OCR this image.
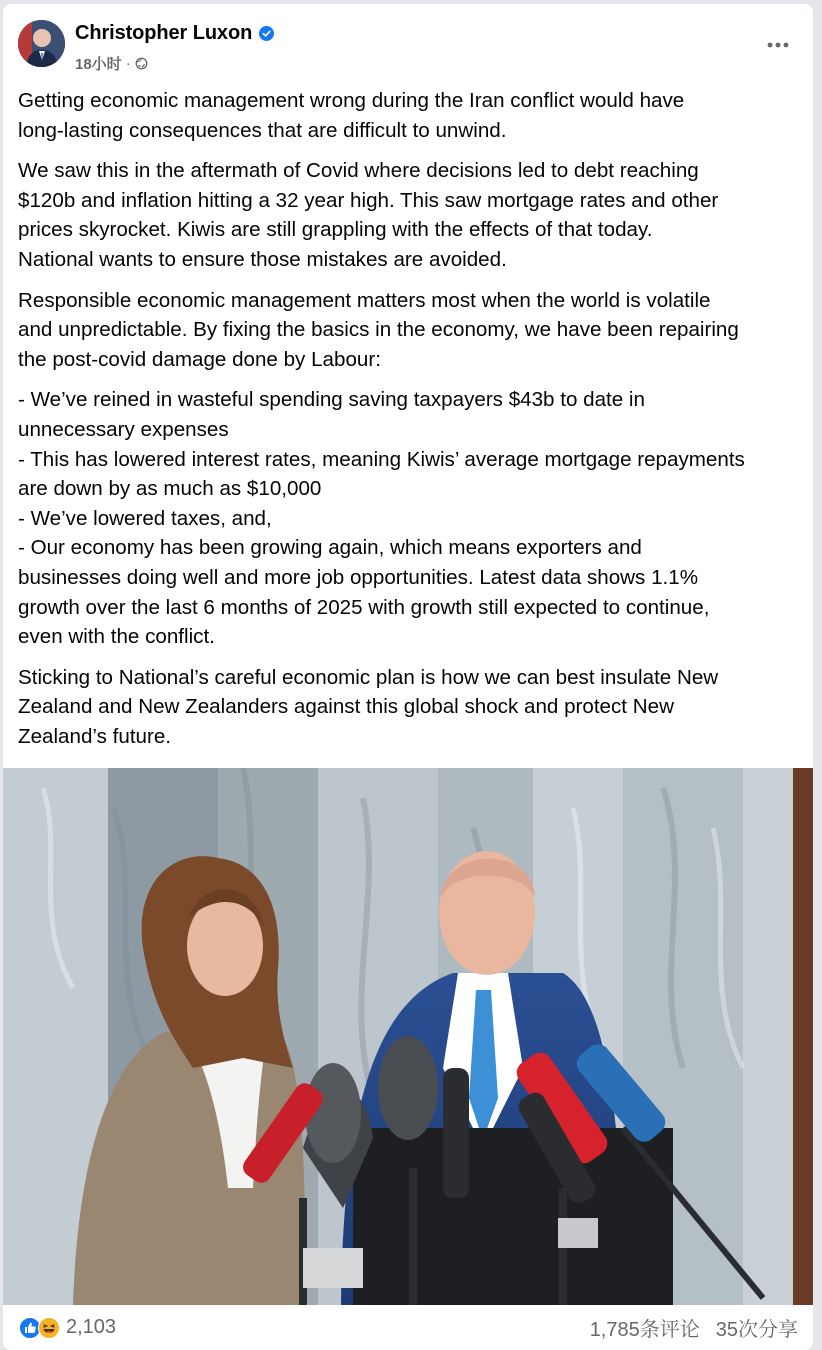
Christopher Luxon
18小时 ·
Getting economic management wrong during the Iran conflict would have
long-lasting consequences that are difficult to unwind.
We saw this in the aftermath of Covid where decisions led to debt reaching
$120b and inflation hitting a 32 year high. This saw mortgage rates and other
prices skyrocket. Kiwis are still grappling with the effects of that today.
National wants to ensure those mistakes are avoided.
Responsible economic management matters most when the world is volatile
and unpredictable. By fixing the basics in the economy, we have been repairing
the post-covid damage done by Labour:
- We’ve reined in wasteful spending saving taxpayers $43b to date in
unnecessary expenses
- This has lowered interest rates, meaning Kiwis’ average mortgage repayments
are down by as much as $10,000
- We’ve lowered taxes, and,
- Our economy has been growing again, which means exporters and
businesses doing well and more job opportunities. Latest data shows 1.1%
growth over the last 6 months of 2025 with growth still expected to continue,
even with the conflict.
Sticking to National’s careful economic plan is how we can best insulate New
Zealand and New Zealanders against this global shock and protect New
Zealand’s future.
2,103	1,785条评论 35次分享
